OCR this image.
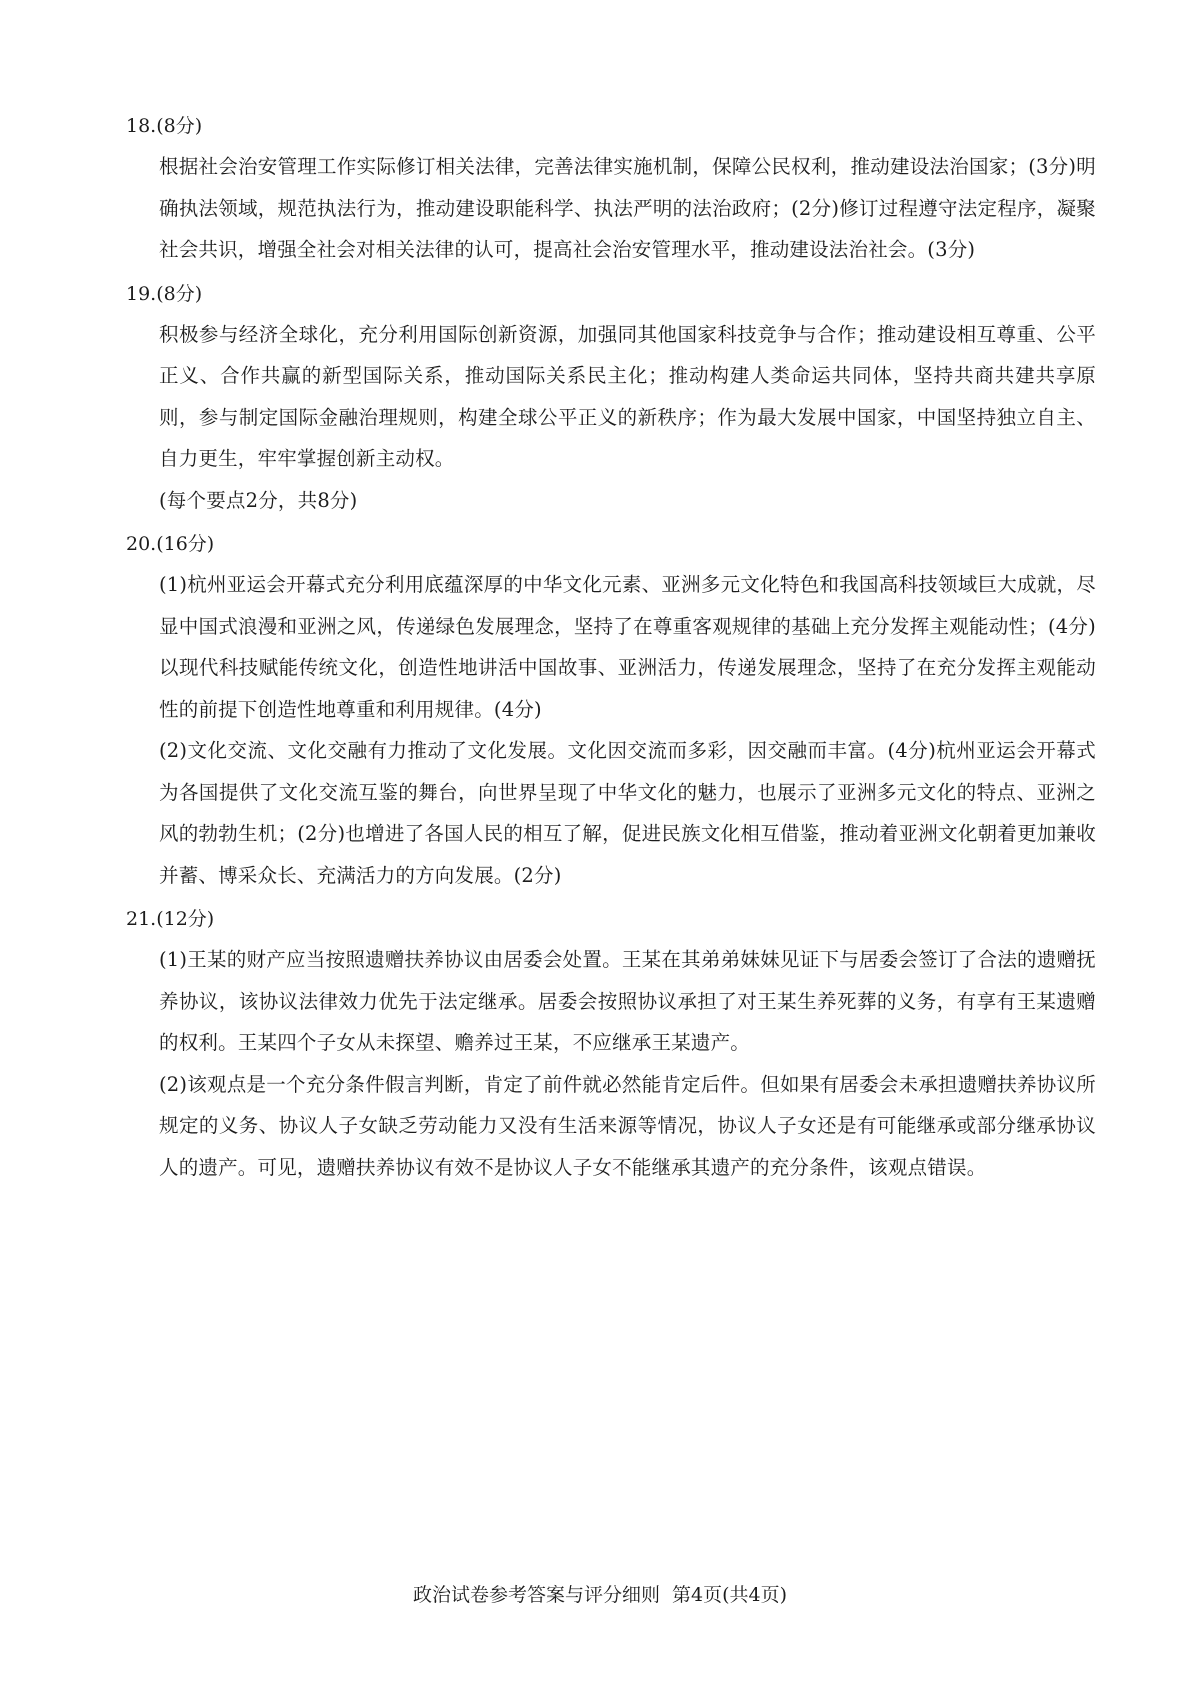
18.(8分)

根据社会治安管理工作实际修订相关法律，完善法律实施机制，保障公民权利，推动建设法治国家；(3分)明确执法领域，规范执法行为，推动建设职能科学、执法严明的法治政府；(2分)修订过程遵守法定程序，凝聚社会共识，增强全社会对相关法律的认可，提高社会治安管理水平，推动建设法治社会。(3分)

19.(8分)

积极参与经济全球化，充分利用国际创新资源，加强同其他国家科技竞争与合作；推动建设相互尊重、公平正义、合作共赢的新型国际关系，推动国际关系民主化；推动构建人类命运共同体，坚持共商共建共享原则，参与制定国际金融治理规则，构建全球公平正义的新秩序；作为最大发展中国家，中国坚持独立自主、自力更生，牢牢掌握创新主动权。

(每个要点2分，共8分)

20.(16分)

(1)杭州亚运会开幕式充分利用底蕴深厚的中华文化元素、亚洲多元文化特色和我国高科技领域巨大成就，尽显中国式浪漫和亚洲之风，传递绿色发展理念，坚持了在尊重客观规律的基础上充分发挥主观能动性；(4分)以现代科技赋能传统文化，创造性地讲活中国故事、亚洲活力，传递发展理念，坚持了在充分发挥主观能动性的前提下创造性地尊重和利用规律。(4分)

(2)文化交流、文化交融有力推动了文化发展。文化因交流而多彩，因交融而丰富。(4分)杭州亚运会开幕式为各国提供了文化交流互鉴的舞台，向世界呈现了中华文化的魅力，也展示了亚洲多元文化的特点、亚洲之风的勃勃生机；(2分)也增进了各国人民的相互了解，促进民族文化相互借鉴，推动着亚洲文化朝着更加兼收并蓄、博采众长、充满活力的方向发展。(2分)

21.(12分)

(1)王某的财产应当按照遗赠扶养协议由居委会处置。王某在其弟弟妹妹见证下与居委会签订了合法的遗赠抚养协议，该协议法律效力优先于法定继承。居委会按照协议承担了对王某生养死葬的义务，有享有王某遗赠的权利。王某四个子女从未探望、赡养过王某，不应继承王某遗产。

(2)该观点是一个充分条件假言判断，肯定了前件就必然能肯定后件。但如果有居委会未承担遗赠扶养协议所规定的义务、协议人子女缺乏劳动能力又没有生活来源等情况，协议人子女还是有可能继承或部分继承协议人的遗产。可见，遗赠扶养协议有效不是协议人子女不能继承其遗产的充分条件，该观点错误。

政治试卷参考答案与评分细则 第4页(共4页)
